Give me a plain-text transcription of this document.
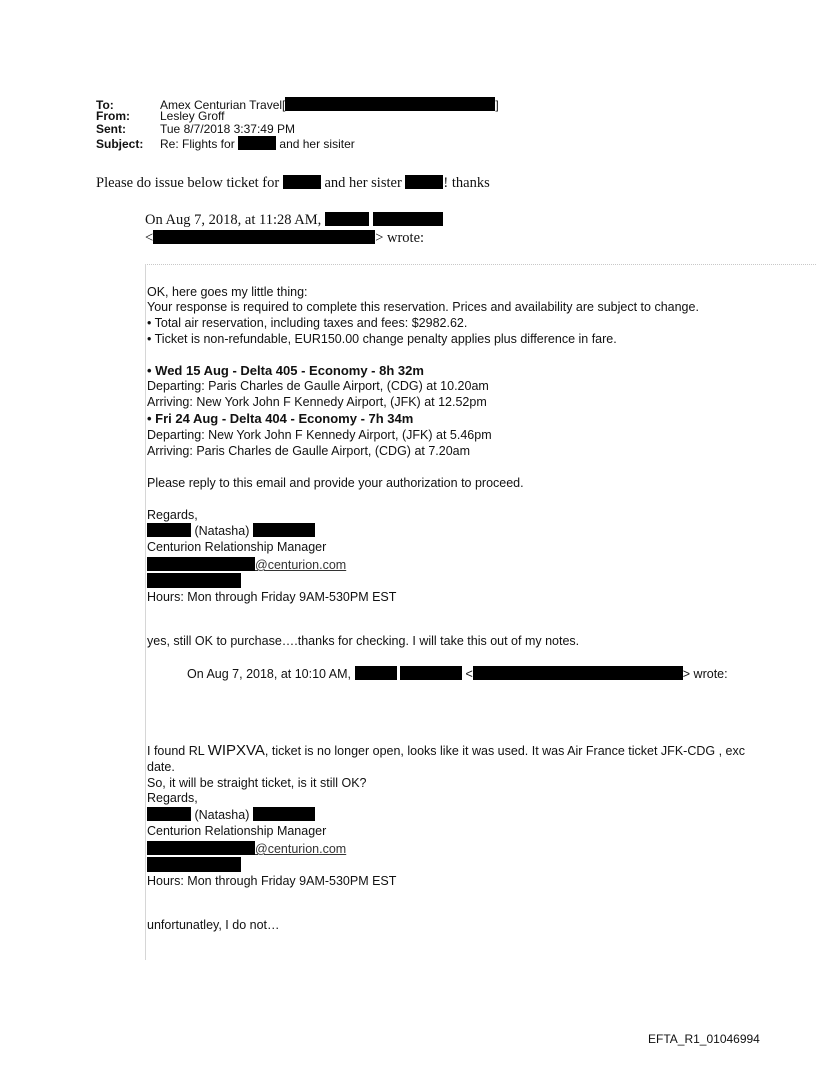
To:	Amex Centurian Travel[	]
From:	Lesley Groff
Sent:	Tue 8/7/2018 3:37:49 PM
Subject: Re: Flights for	and her sisiter
Please do issue below ticket for	and her sister	! thanks
On Aug 7, 2018, at 11:28 AM,
<	> wrote:
OK, here goes my little thing:
Your response is required to complete this reservation. Prices and availability are subject to change.
• Total air reservation, including taxes and fees: $2982.62.
• Ticket is non-refundable, EUR150.00 change penalty applies plus difference in fare.
• Wed 15 Aug - Delta 405 - Economy - 8h 32m
Departing: Paris Charles de Gaulle Airport, (CDG) at 10.20am
Arriving: New York John F Kennedy Airport, (JFK) at 12.52pm
• Fri 24 Aug - Delta 404 - Economy - 7h 34m
Departing: New York John F Kennedy Airport, (JFK) at 5.46pm
Arriving: Paris Charles de Gaulle Airport, (CDG) at 7.20am
Please reply to this email and provide your authorization to proceed.
Regards,
(Natasha)
Centurion Relationship Manager
@centurion.com
Hours: Mon through Friday 9AM-530PM EST
yes, still OK to purchase….thanks for checking. I will take this out of my notes.
On Aug 7, 2018, at 10:10 AM,	<	> wrote:
I found RL WIPXVA, ticket is no longer open, looks like it was used. It was Air France ticket JFK-CDG , exc
date.
So, it will be straight ticket, is it still OK?
Regards,
(Natasha)
Centurion Relationship Manager
@centurion.com
Hours: Mon through Friday 9AM-530PM EST
unfortunatley, I do not…
EFTA_R1_01046994
